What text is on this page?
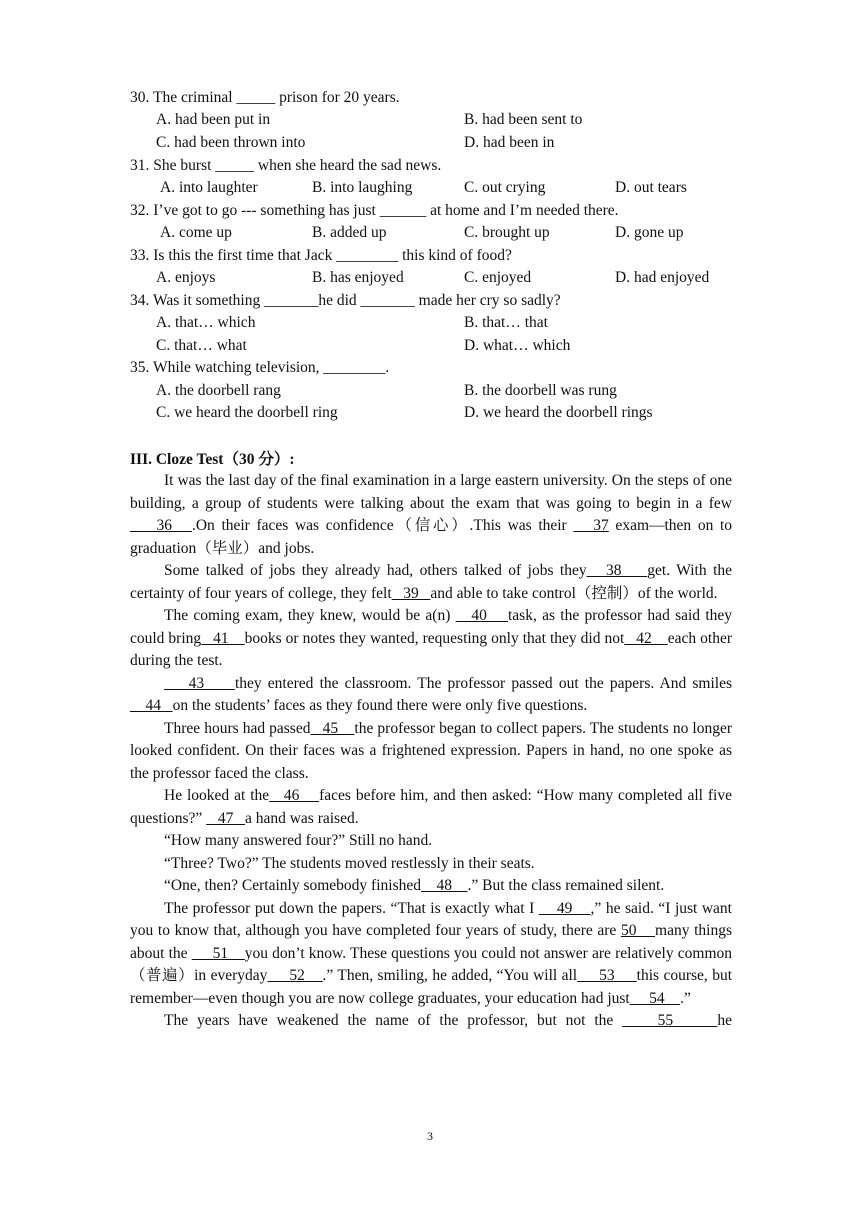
30. The criminal _____ prison for 20 years.
A. had been put in	B. had been sent to
C. had been thrown into	D. had been in
31. She burst _____ when she heard the sad news.
A. into laughter	B. into laughing	C. out crying	D. out tears
32. I’ve got to go --- something has just ______ at home and I’m needed there.
A. come up	B. added up	C. brought up	D. gone up
33. Is this the first time that Jack ________ this kind of food?
A. enjoys	B. has enjoyed	C. enjoyed	D. had enjoyed
34. Was it something _______he did _______ made her cry so sadly?
A. that… which	B. that… that
C. that… what	D. what… which
35. While watching television, ________.
A. the doorbell rang	B. the doorbell was rung
C. we heard the doorbell ring	D. we heard the doorbell rings
III. Cloze Test（30 分）:

It was the last day of the final examination in a large eastern university. On the steps of one building, a group of students were talking about the exam that was going to begin in a few    36   .On their faces was confidence（信心）.This was their    37 exam—then on to graduation（毕业）and jobs.

Some talked of jobs they already had, others talked of jobs they   38    get. With the certainty of four years of college, they felt   39   and able to take control（控制）of the world.

The coming exam, they knew, would be a(n)    40    task, as the professor had said they could bring   41    books or notes they wanted, requesting only that they did not   42    each other during the test.

43     they entered the classroom. The professor passed out the papers. And smiles    44   on the students’ faces as they found there were only five questions.

Three hours had passed   45    the professor began to collect papers. The students no longer looked confident. On their faces was a frightened expression. Papers in hand, no one spoke as the professor faced the class.

He looked at the   46    faces before him, and then asked: “How many completed all five questions?”    47   a hand was raised.

“How many answered four?” Still no hand.

“Three? Two?” The students moved restlessly in their seats.

“One, then? Certainly somebody finished    48    .” But the class remained silent.

The professor put down the papers. “That is exactly what I     49    ,” he said. “I just want you to know that, although you have completed four years of study, there are 50    many things about the      51    you don’t know. These questions you could not answer are relatively common（普遍）in everyday     52    .” Then, smiling, he added, “You will all     53     this course, but remember—even though you are now college graduates, your education had just     54    .”

The years have weakened the name of the professor, but not the     55     he

3
